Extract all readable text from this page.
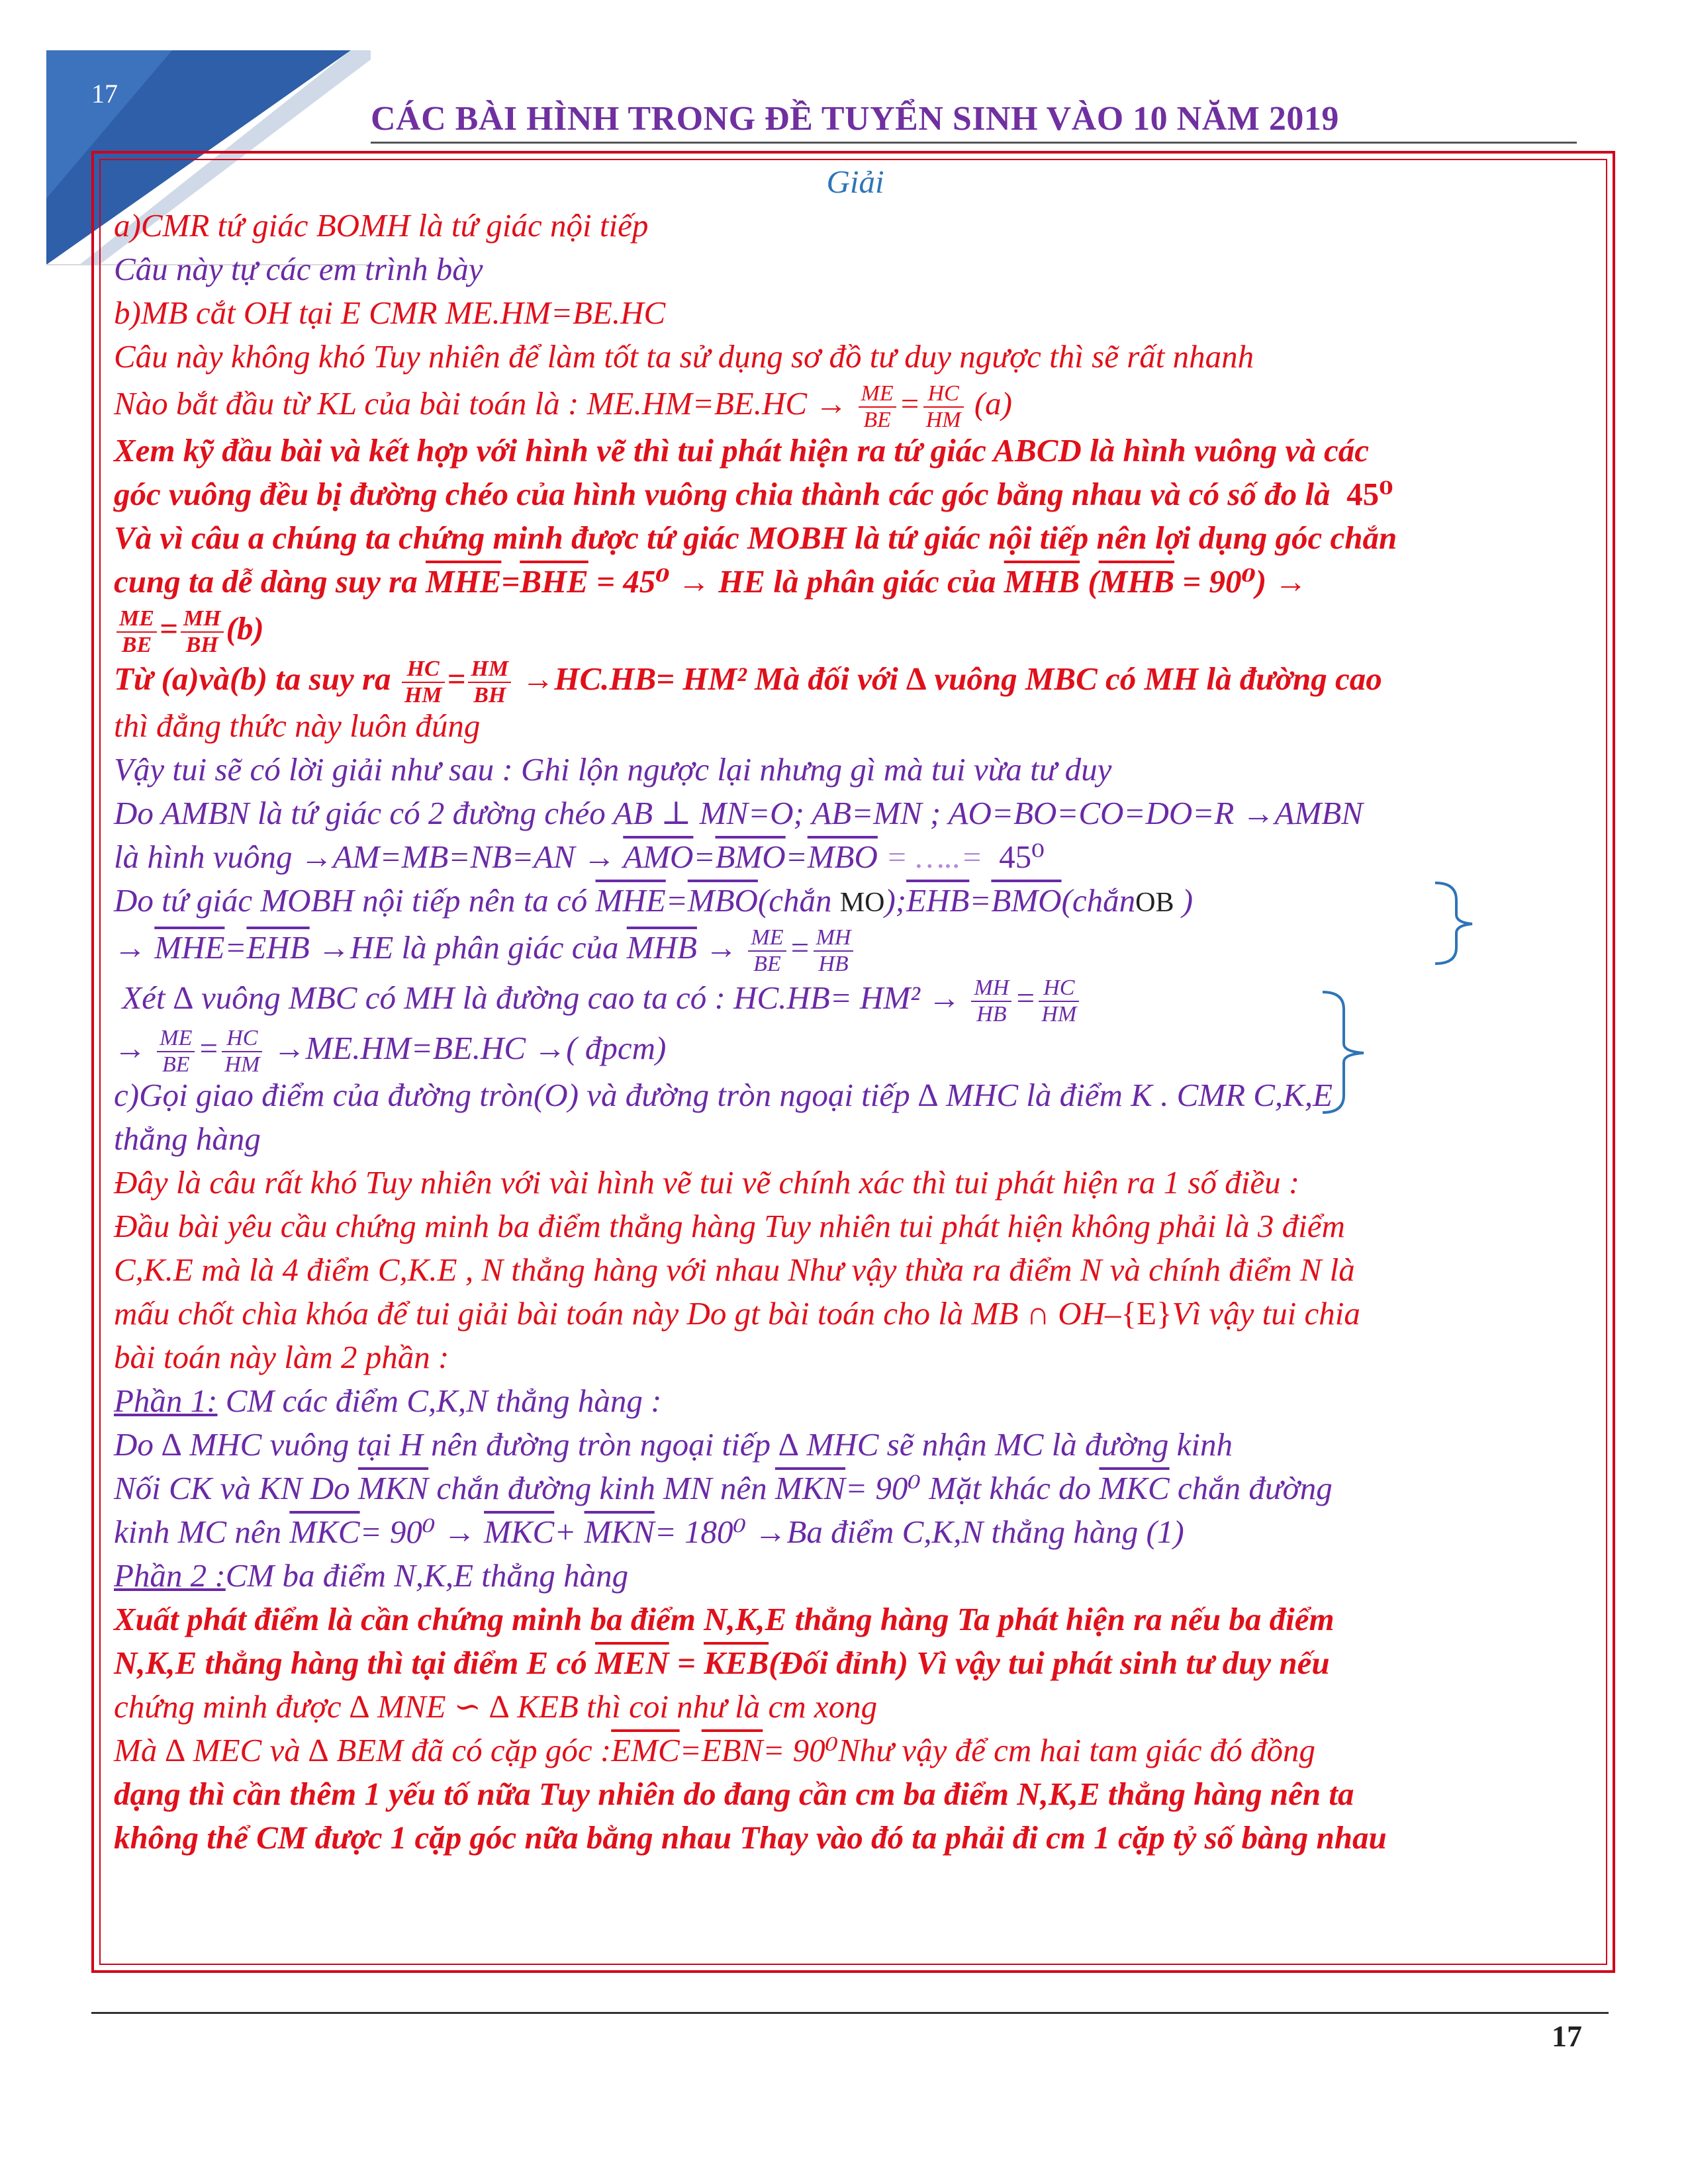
17
CÁC BÀI HÌNH TRONG ĐỀ TUYỂN SINH VÀO 10 NĂM 2019
Giải
a)CMR tứ giác BOMH là tứ giác nội tiếp
Câu này tự các em trình bày
b)MB cắt OH tại E CMR ME.HM=BE.HC
Câu này không khó Tuy nhiên để làm tốt ta sử dụng sơ đồ tư duy ngược thì sẽ rất nhanh
Nào bắt đầu từ KL của bài toán là : $ME.HM=BE.HC \to \frac{ME}{BE} = \frac{HC}{HM} (a)$
Xem kỹ đầu bài và kết hợp với hình vẽ thì tui phát hiện ra tứ giác ABCD là hình vuông và các
góc vuông đều bị đường chéo của hình vuông chia thành các góc bằng nhau và có số đo là 45⁰
Và vì câu a chúng ta chứng minh được tứ giác MOBH là tứ giác nội tiếp nên lợi dụng góc chắn
cung ta dễ dàng suy ra $\overline{MHE}=\overline{BHE} = 45^0$ → HE là phân giác của $\overline{MHB}$ $(\overline{MHB} = 90^0)$ →
$\frac{ME}{BE} = \frac{MH}{BH} (b)$
Từ (a)và(b) ta suy ra $\frac{HC}{HM} = \frac{HM}{BH} \to HC.HB= HM^2$ Mà đối với ∆ vuông MBC có MH là đường cao
thì đẳng thức này luôn đúng
Vậy tui sẽ có lời giải như sau : Ghi lộn ngược lại nhưng gì mà tui vừa tư duy
Do AMBN là tứ giác có 2 đường chéo AB ⊥ MN=O; AB=MN ; AO=BO=CO=DO=R →AMBN
là hình vuông $\to AM=MB=NB=AN \to \overline{AMO}=\overline{BMO}=\overline{MBO}$ = …..= 45⁰
Do tứ giác MOBH nội tiếp nên ta có $\overline{MHE}=\overline{MBO}(chắn$ $MO);\overline{EHB}=\overline{BMO}(chắnOB$ )
→ $\overline{MHE}=\overline{EHB} \to HE$ là phân giác của $\overline{MHB} \to \frac{ME}{BE} = \frac{MH}{HB}$
Xét ∆ vuông MBC có MH là đường cao ta có : $HC.HB= HM^2 \to \frac{MH}{HB} = \frac{HC}{HM}$
→ $\frac{ME}{BE} = \frac{HC}{HM} \to ME.HM=BE.HC$ →( đpcm)
c)Gọi giao điểm của đường tròn(O) và đường tròn ngoại tiếp ∆ MHC là điểm K . CMR C,K,E
thẳng hàng
Đây là câu rất khó Tuy nhiên với vài hình vẽ tui vẽ chính xác thì tui phát hiện ra 1 số điều :
Đầu bài yêu cầu chứng minh ba điểm thẳng hàng Tuy nhiên tui phát hiện không phải là 3 điểm
C,K.E mà là 4 điểm C,K.E , N thẳng hàng với nhau Như vậy thừa ra điểm N và chính điểm N là
mấu chốt chìa khóa để tui giải bài toán này Do gt bài toán cho là MB ∩ OH–{E}Vì vậy tui chia
bài toán này làm 2 phần :
Phần 1: CM các điểm C,K,N thẳng hàng :
Do ∆ MHC vuông tại H nên đường tròn ngoại tiếp ∆ MHC sẽ nhận MC là đường kinh
Nối CK và KN Do $\overline{MKN}$ chắn đường kinh MN nên $\overline{MKN}= 90^0$ Mặt khác do $\overline{MKC}$ chắn đường
kinh MC nên $\overline{MKC}= 90^0 \to \overline{MKC}+ \overline{MKN}= 180^0 \to Ba$ điểm C,K,N thẳng hàng (1)
Phần 2 :CM ba điểm N,K,E thẳng hàng
Xuất phát điểm là cần chứng minh ba điểm N,K,E thẳng hàng Ta phát hiện ra nếu ba điểm
N,K,E thẳng hàng thì tại điểm E có $\overline{MEN}$ = $\overline{KEB}(Đối$ đỉnh) Vì vậy tui phát sinh tư duy nếu
chứng minh được ∆ MNE ∽ ∆ KEB thì coi như là cm xong
Mà ∆ MEC và ∆ BEM đã có cặp góc $:\overline{EMC}=\overline{EBN}=$ 90⁰Như vậy để cm hai tam giác đó đồng
dạng thì cần thêm 1 yếu tố nữa Tuy nhiên do đang cần cm ba điểm N,K,E thẳng hàng nên ta
không thể CM được 1 cặp góc nữa bằng nhau Thay vào đó ta phải đi cm 1 cặp tỷ số bàng nhau
17
